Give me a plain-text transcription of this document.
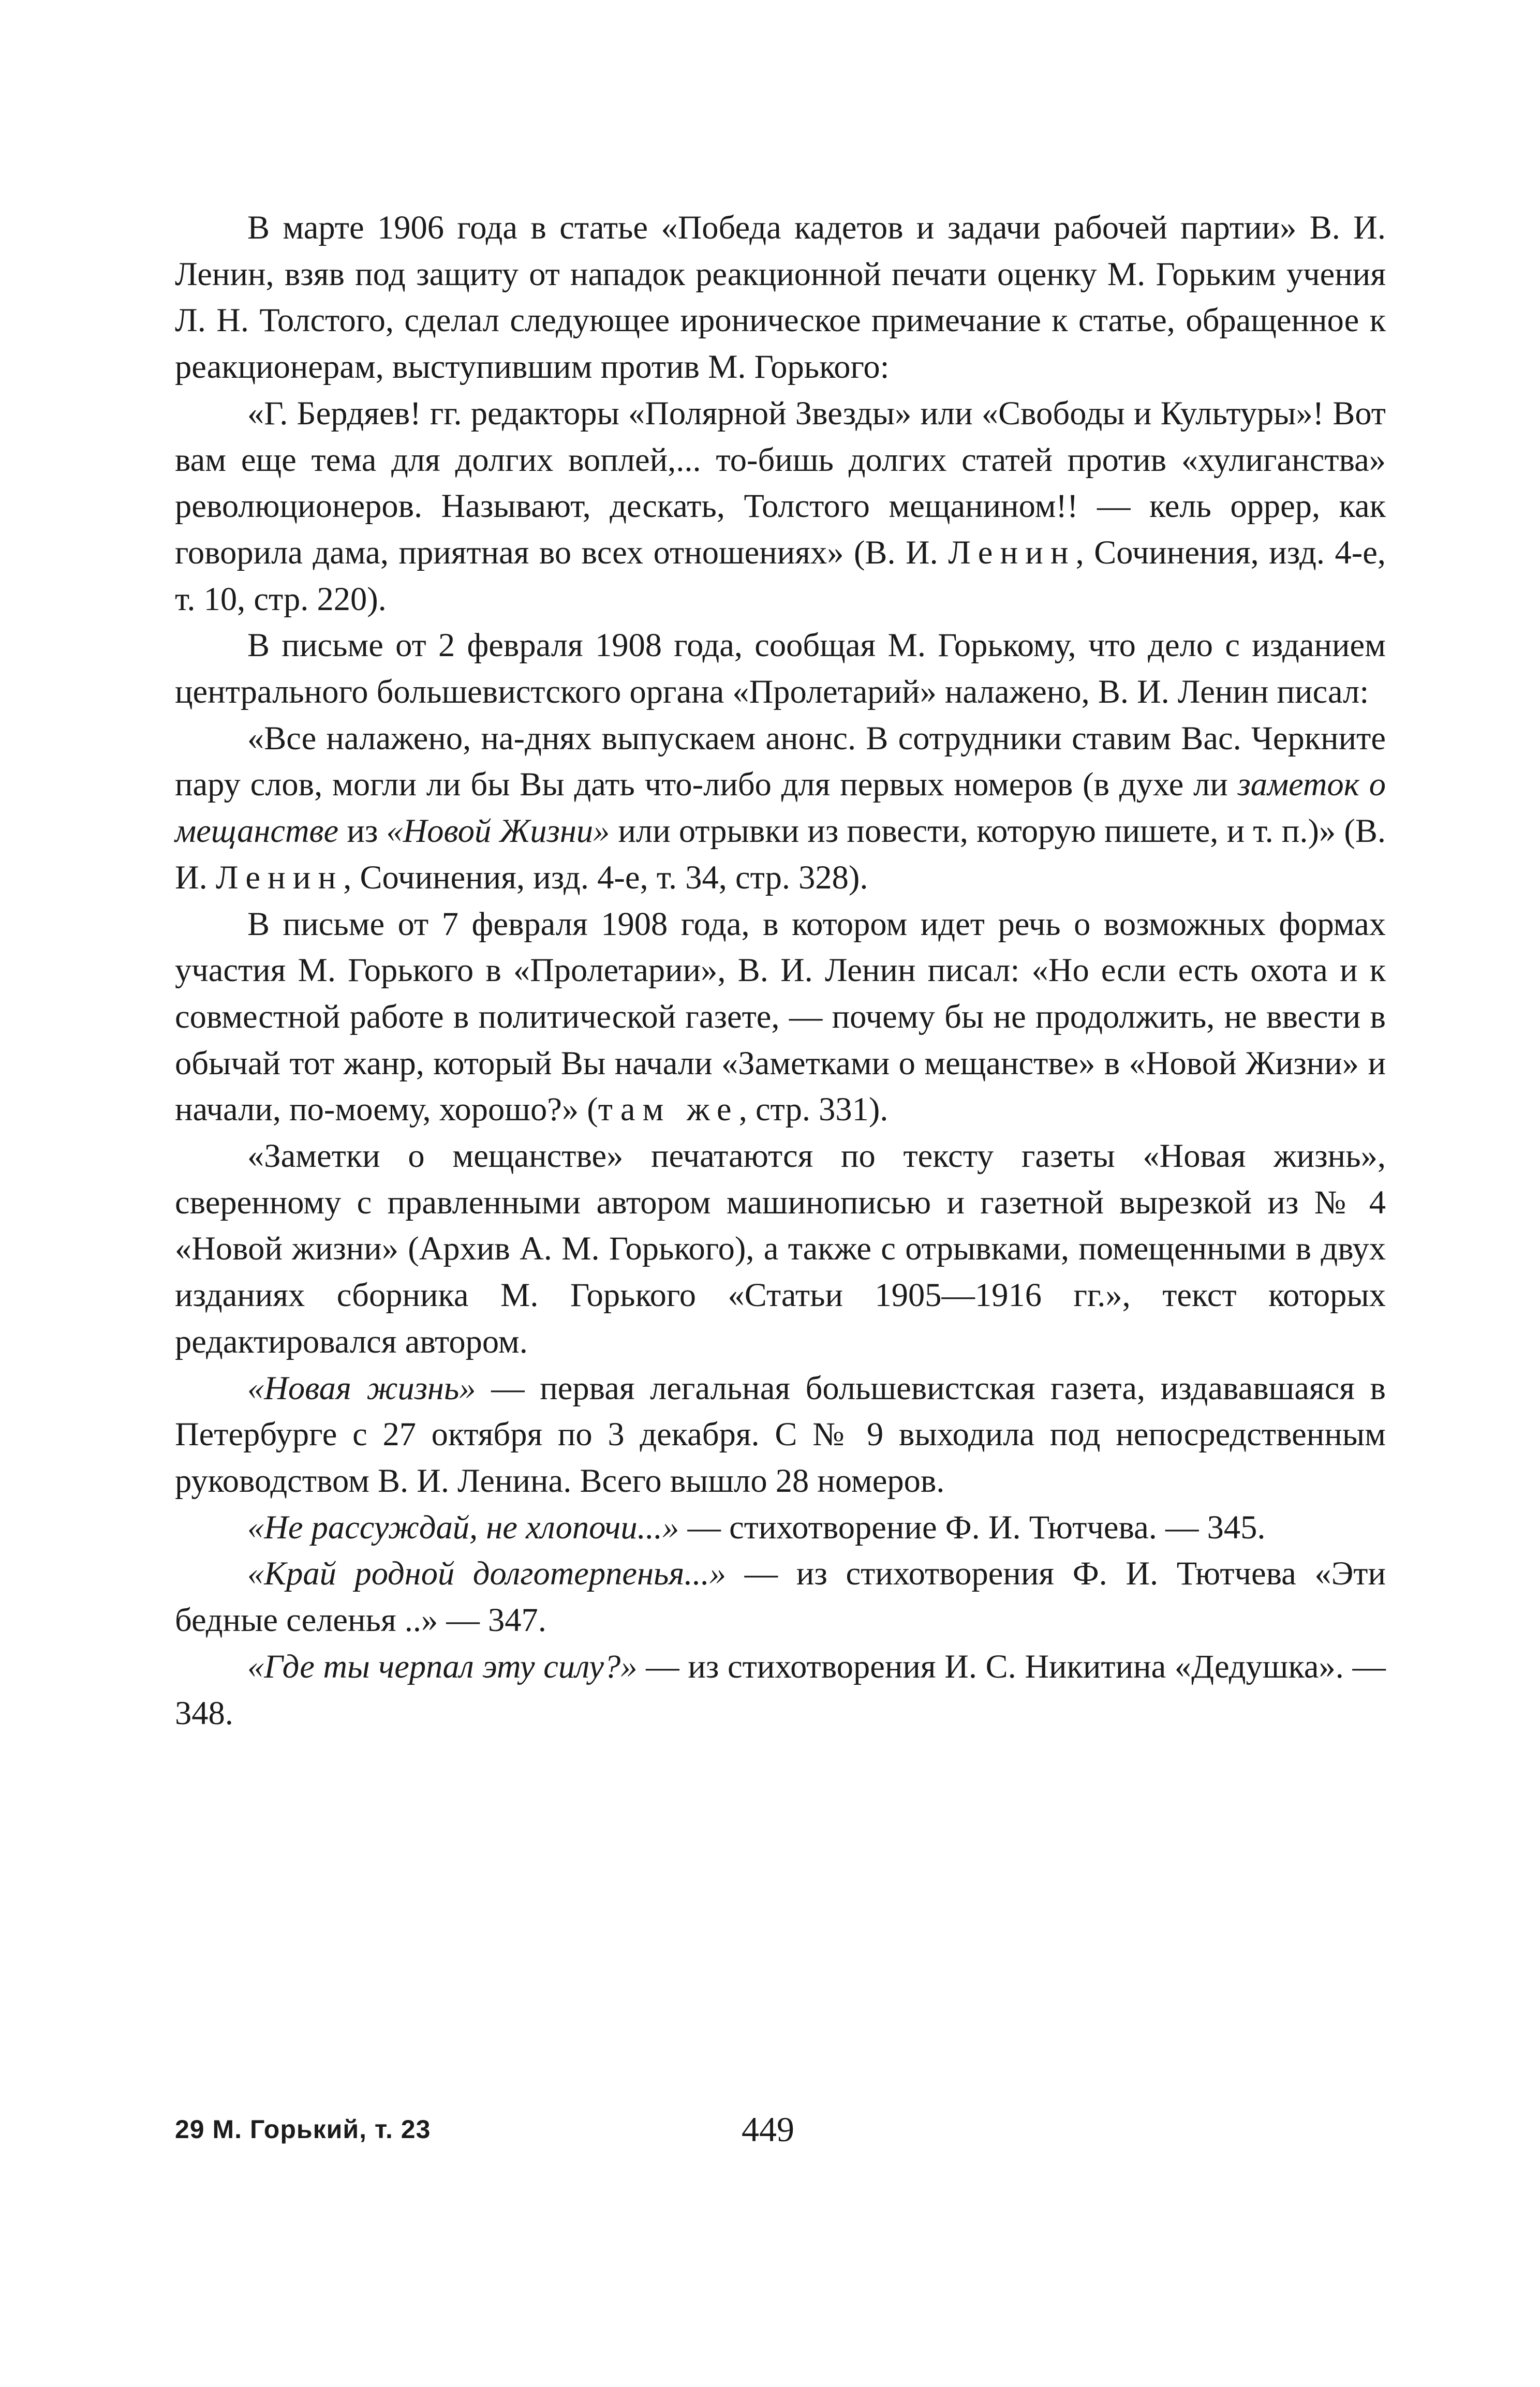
В марте 1906 года в статье «Победа кадетов и задачи рабочей партии» В. И. Ленин, взяв под защиту от нападок реакционной печати оценку М. Горьким учения Л. Н. Толстого, сделал следующее ироническое примечание к статье, обращенное к реакционерам, выступившим против М. Горького:

«Г. Бердяев! гг. редакторы «Полярной Звезды» или «Свободы и Культуры»! Вот вам еще тема для долгих воплей,... то-бишь долгих статей против «хулиганства» революционеров. Называют, дескать, Толстого мещанином!! — кель оррер, как говорила дама, приятная во всех отношениях» (В. И. Ленин, Сочинения, изд. 4-е, т. 10, стр. 220).

В письме от 2 февраля 1908 года, сообщая М. Горькому, что дело с изданием центрального большевистского органа «Пролетарий» налажено, В. И. Ленин писал:

«Все налажено, на-днях выпускаем анонс. В сотрудники ставим Вас. Черкните пару слов, могли ли бы Вы дать что-либо для первых номеров (в духе ли заметок о мещанстве из «Новой Жизни» или отрывки из повести, которую пишете, и т. п.)» (В. И. Ленин, Сочинения, изд. 4-е, т. 34, стр. 328).

В письме от 7 февраля 1908 года, в котором идет речь о возможных формах участия М. Горького в «Пролетарии», В. И. Ленин писал: «Но если есть охота и к совместной работе в политической газете, — почему бы не продолжить, не ввести в обычай тот жанр, который Вы начали «Заметками о мещанстве» в «Новой Жизни» и начали, по-моему, хорошо?» (там же, стр. 331).

«Заметки о мещанстве» печатаются по тексту газеты «Новая жизнь», сверенному с правленными автором машинописью и газетной вырезкой из № 4 «Новой жизни» (Архив А. М. Горького), а также с отрывками, помещенными в двух изданиях сборника М. Горького «Статьи 1905—1916 гг.», текст которых редактировался автором.

«Новая жизнь» — первая легальная большевистская газета, издававшаяся в Петербурге с 27 октября по 3 декабря. С № 9 выходила под непосредственным руководством В. И. Ленина. Всего вышло 28 номеров.

«Не рассуждай, не хлопочи...» — стихотворение Ф. И. Тютчева. — 345.

«Край родной долготерпенья...» — из стихотворения Ф. И. Тютчева «Эти бедные селенья ..» — 347.

«Где ты черпал эту силу?» — из стихотворения И. С. Никитина «Дедушка». — 348.

29 М. Горький, т. 23	449
